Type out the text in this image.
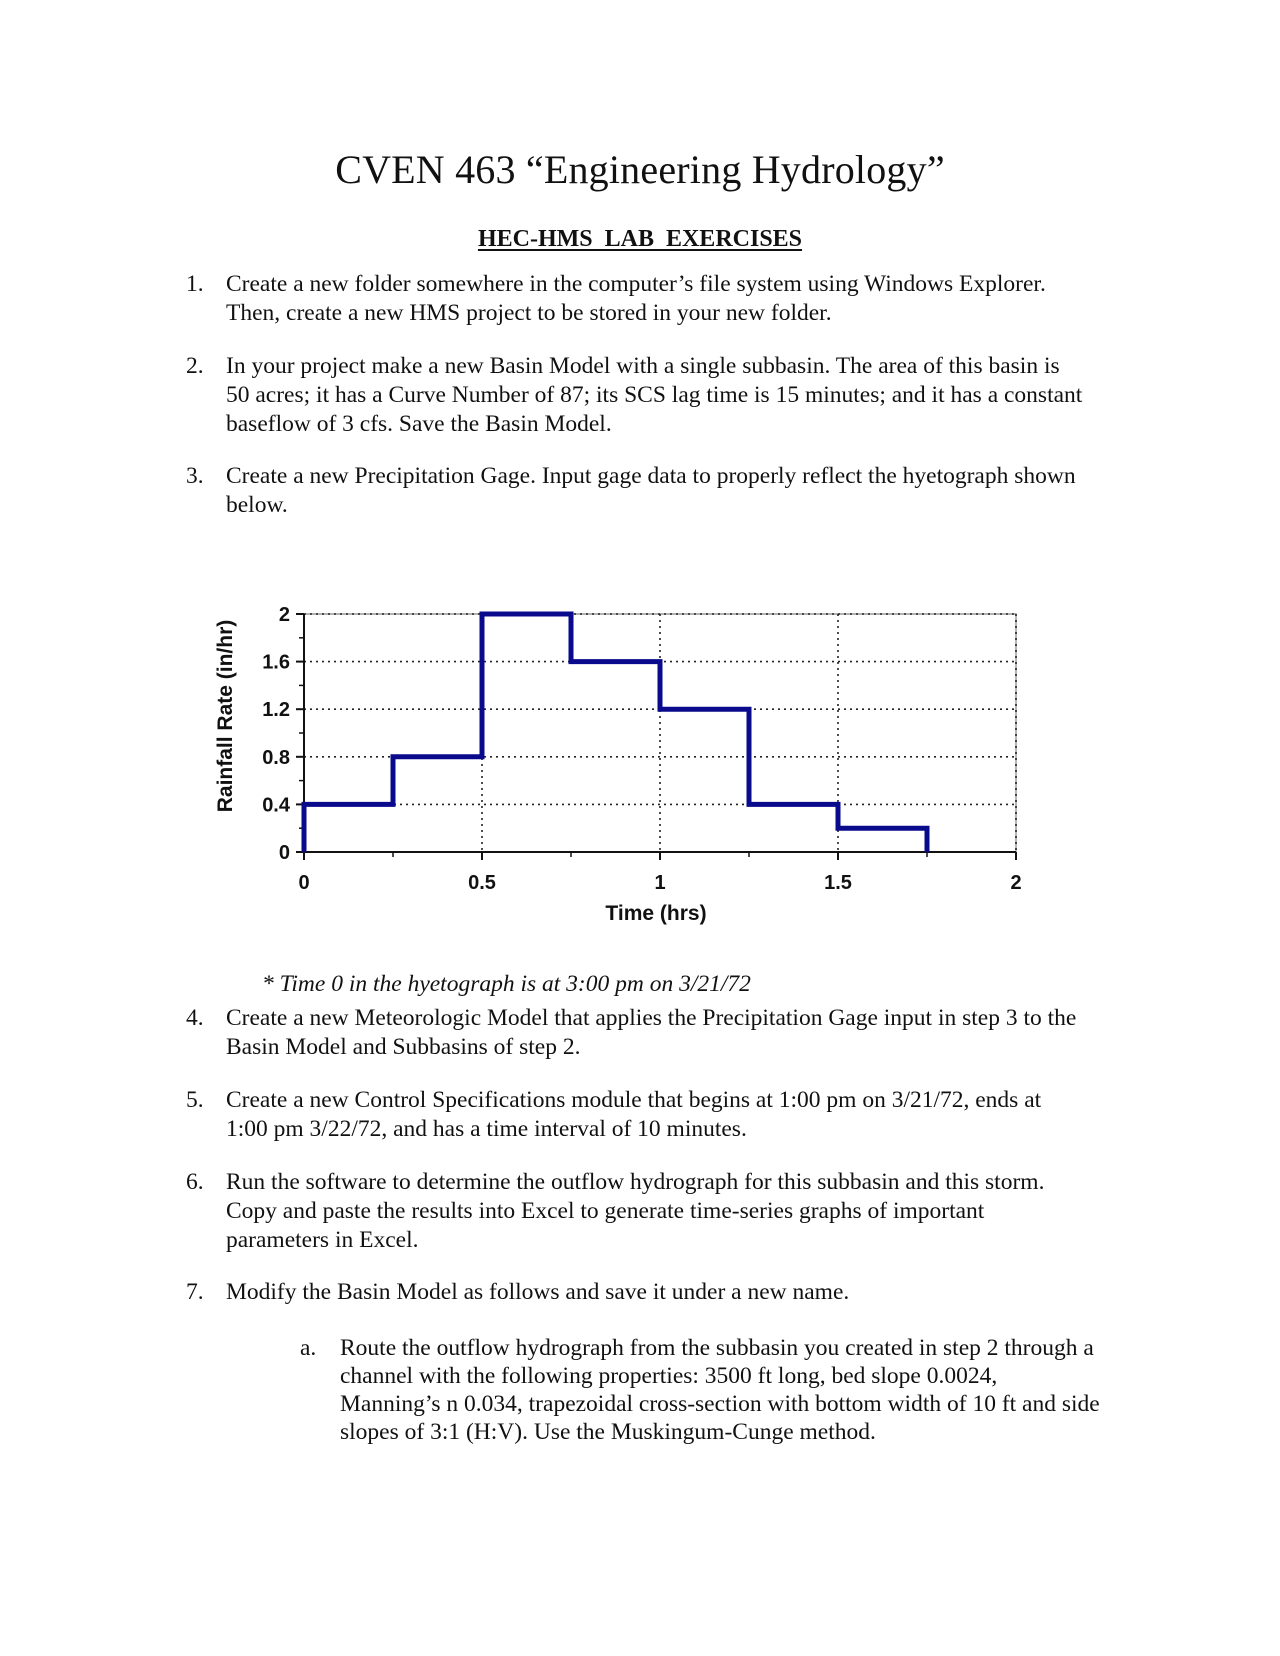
CVEN 463 “Engineering Hydrology”
HEC-HMS  LAB  EXERCISES
1. Create a new folder somewhere in the computer’s file system using Windows Explorer. Then, create a new HMS project to be stored in your new folder.
2. In your project make a new Basin Model with a single subbasin. The area of this basin is 50 acres; it has a Curve Number of 87; its SCS lag time is 15 minutes; and it has a constant baseflow of 3 cfs. Save the Basin Model.
3. Create a new Precipitation Gage. Input gage data to properly reflect the hyetograph shown below.
0
0.4
0.8
1.2
1.6
2
0	0.5	1	1.5	2
Time (hrs)
Rainfall Rate (in/hr)
* Time 0 in the hyetograph is at 3:00 pm on 3/21/72
4. Create a new Meteorologic Model that applies the Precipitation Gage input in step 3 to the Basin Model and Subbasins of step 2.
5. Create a new Control Specifications module that begins at 1:00 pm on 3/21/72, ends at 1:00 pm 3/22/72, and has a time interval of 10 minutes.
6. Run the software to determine the outflow hydrograph for this subbasin and this storm. Copy and paste the results into Excel to generate time-series graphs of important parameters in Excel.
7. Modify the Basin Model as follows and save it under a new name.
a. Route the outflow hydrograph from the subbasin you created in step 2 through a channel with the following properties: 3500 ft long, bed slope 0.0024, Manning’s n 0.034, trapezoidal cross-section with bottom width of 10 ft and side slopes of 3:1 (H:V). Use the Muskingum-Cunge method.
